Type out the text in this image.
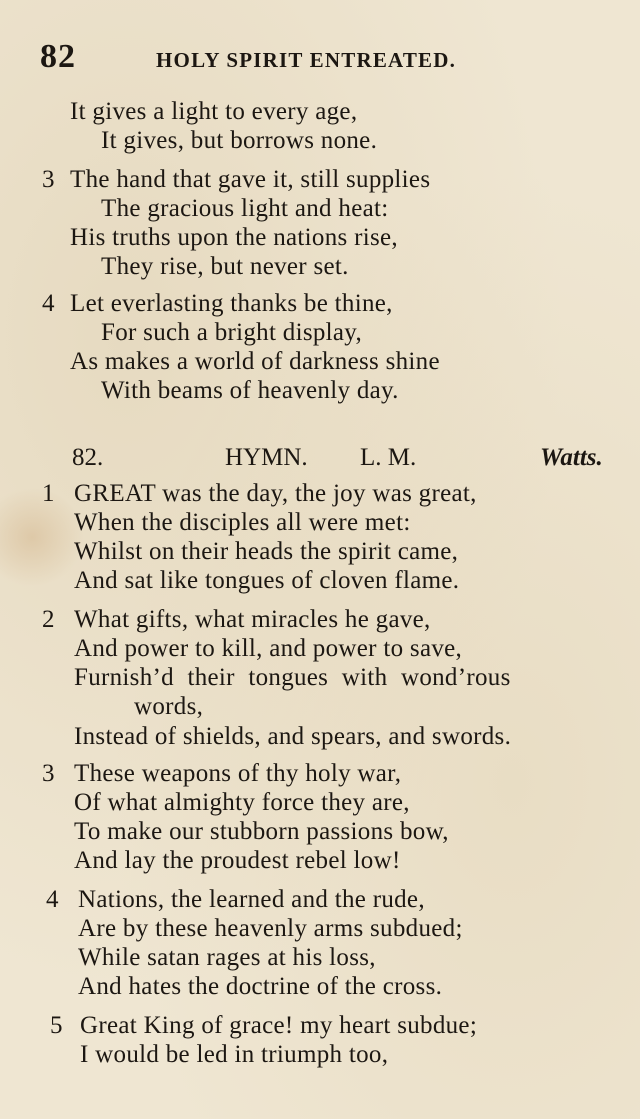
82	HOLY SPIRIT ENTREATED.
It gives a light to every age,
It gives, but borrows none.
3 The hand that gave it, still supplies
The gracious light and heat:
His truths upon the nations rise,
They rise, but never set.
4 Let everlasting thanks be thine,
For such a bright display,
As makes a world of darkness shine
With beams of heavenly day.
82.	HYMN. L. M.	Watts.
1 GREAT was the day, the joy was great,
When the disciples all were met:
Whilst on their heads the spirit came,
And sat like tongues of cloven flame.
2 What gifts, what miracles he gave,
And power to kill, and power to save,
Furnish’d their tongues with wond’rous
words,
Instead of shields, and spears, and swords.
3 These weapons of thy holy war,
Of what almighty force they are,
To make our stubborn passions bow,
And lay the proudest rebel low!
4 Nations, the learned and the rude,
Are by these heavenly arms subdued;
While satan rages at his loss,
And hates the doctrine of the cross.
5 Great King of grace! my heart subdue;
I would be led in triumph too,
